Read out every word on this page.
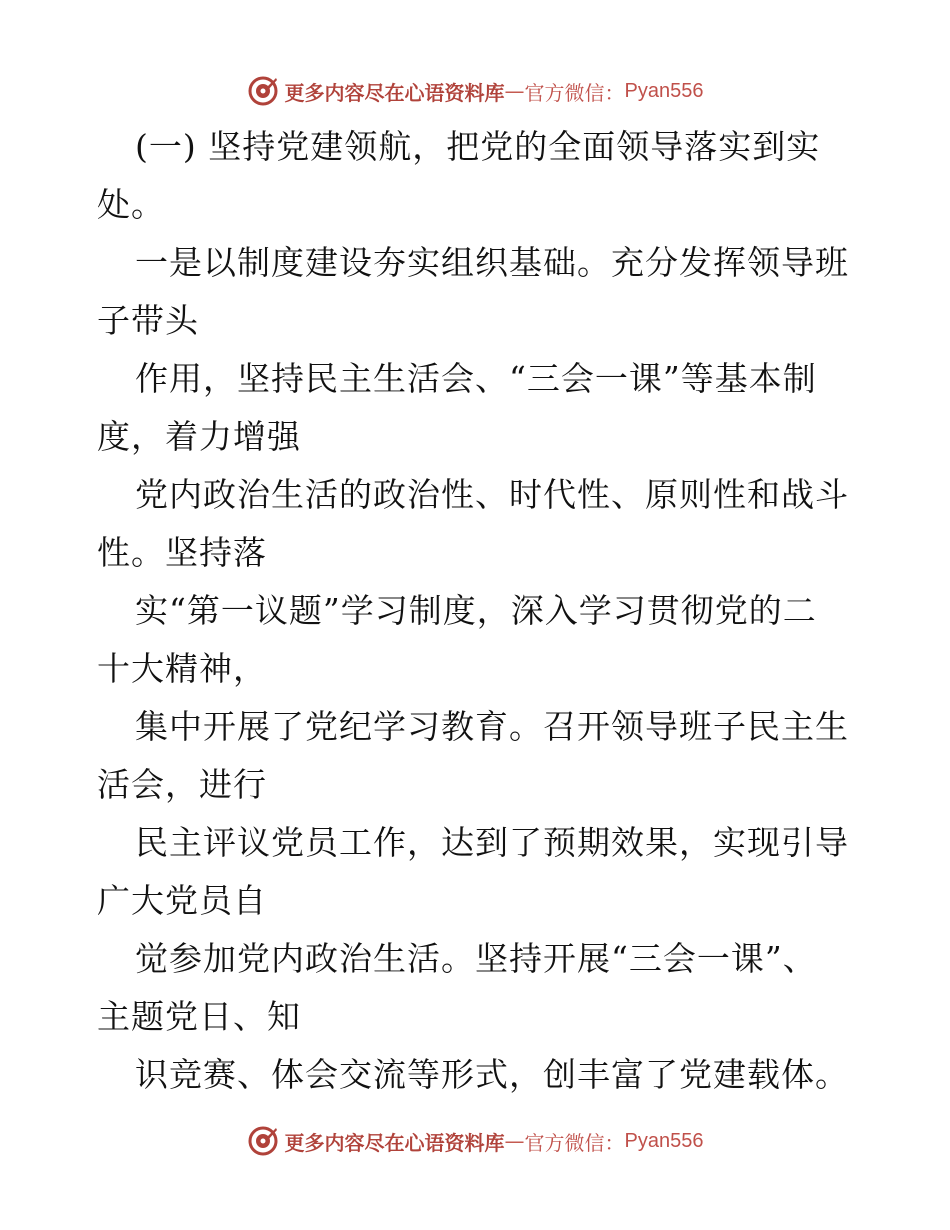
更多内容尽在心语资料库 — 官方微信： Pyan556
(一) 坚持党建领航，把党的全面领导落实到实
处。
一是以制度建设夯实组织基础。充分发挥领导班
子带头
作用，坚持民主生活会、“三会一课”等基本制
度，着力增强
党内政治生活的政治性、时代性、原则性和战斗
性。坚持落
实“第一议题”学习制度，深入学习贯彻党的二
十大精神，
集中开展了党纪学习教育。召开领导班子民主生
活会，进行
民主评议党员工作，达到了预期效果，实现引导
广大党员自
觉参加党内政治生活。坚持开展“三会一课”、
主题党日、知
识竞赛、体会交流等形式，创丰富了党建载体。
更多内容尽在心语资料库 — 官方微信： Pyan556
